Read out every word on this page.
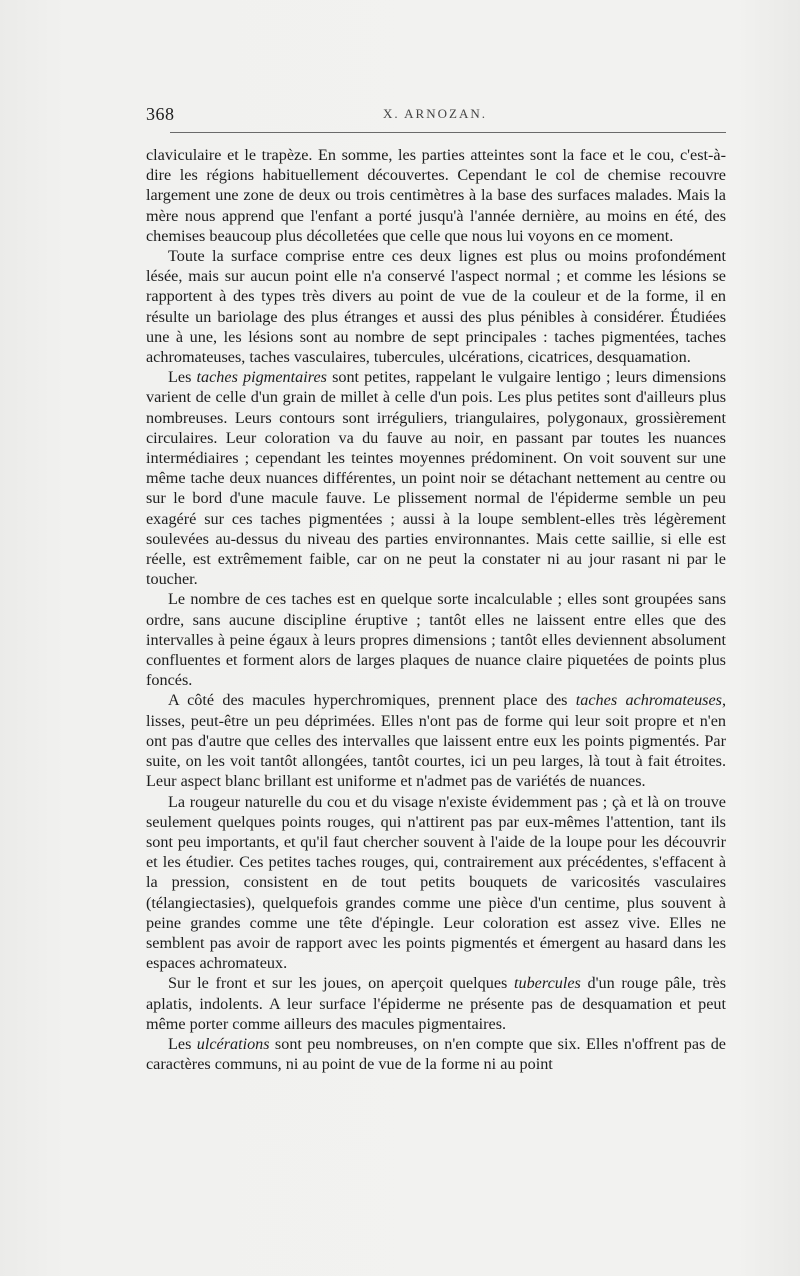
368	X. ARNOZAN.

claviculaire et le trapèze. En somme, les parties atteintes sont la face et le cou, c'est-à-dire les régions habituellement découvertes. Cependant le col de chemise recouvre largement une zone de deux ou trois centimètres à la base des surfaces malades. Mais la mère nous apprend que l'enfant a porté jusqu'à l'année dernière, au moins en été, des chemises beaucoup plus décolletées que celle que nous lui voyons en ce moment.

Toute la surface comprise entre ces deux lignes est plus ou moins profondément lésée, mais sur aucun point elle n'a conservé l'aspect normal ; et comme les lésions se rapportent à des types très divers au point de vue de la couleur et de la forme, il en résulte un bariolage des plus étranges et aussi des plus pénibles à considérer. Étudiées une à une, les lésions sont au nombre de sept principales : taches pigmentées, taches achromateuses, taches vasculaires, tubercules, ulcérations, cicatrices, desquamation.

Les taches pigmentaires sont petites, rappelant le vulgaire lentigo ; leurs dimensions varient de celle d'un grain de millet à celle d'un pois. Les plus petites sont d'ailleurs plus nombreuses. Leurs contours sont irréguliers, triangulaires, polygonaux, grossièrement circulaires. Leur coloration va du fauve au noir, en passant par toutes les nuances intermédiaires ; cependant les teintes moyennes prédominent. On voit souvent sur une même tache deux nuances différentes, un point noir se détachant nettement au centre ou sur le bord d'une macule fauve. Le plissement normal de l'épiderme semble un peu exagéré sur ces taches pigmentées ; aussi à la loupe semblent-elles très légèrement soulevées au-dessus du niveau des parties environnantes. Mais cette saillie, si elle est réelle, est extrêmement faible, car on ne peut la constater ni au jour rasant ni par le toucher.

Le nombre de ces taches est en quelque sorte incalculable ; elles sont groupées sans ordre, sans aucune discipline éruptive ; tantôt elles ne laissent entre elles que des intervalles à peine égaux à leurs propres dimensions ; tantôt elles deviennent absolument confluentes et forment alors de larges plaques de nuance claire piquetées de points plus foncés.

A côté des macules hyperchromiques, prennent place des taches achromateuses, lisses, peut-être un peu déprimées. Elles n'ont pas de forme qui leur soit propre et n'en ont pas d'autre que celles des intervalles que laissent entre eux les points pigmentés. Par suite, on les voit tantôt allongées, tantôt courtes, ici un peu larges, là tout à fait étroites. Leur aspect blanc brillant est uniforme et n'admet pas de variétés de nuances.

La rougeur naturelle du cou et du visage n'existe évidemment pas ; çà et là on trouve seulement quelques points rouges, qui n'attirent pas par eux-mêmes l'attention, tant ils sont peu importants, et qu'il faut chercher souvent à l'aide de la loupe pour les découvrir et les étudier. Ces petites taches rouges, qui, contrairement aux précédentes, s'effacent à la pression, consistent en de tout petits bouquets de varicosités vasculaires (télangiectasies), quelquefois grandes comme une pièce d'un centime, plus souvent à peine grandes comme une tête d'épingle. Leur coloration est assez vive. Elles ne semblent pas avoir de rapport avec les points pigmentés et émergent au hasard dans les espaces achromateux.

Sur le front et sur les joues, on aperçoit quelques tubercules d'un rouge pâle, très aplatis, indolents. A leur surface l'épiderme ne présente pas de desquamation et peut même porter comme ailleurs des macules pigmentaires.

Les ulcérations sont peu nombreuses, on n'en compte que six. Elles n'offrent pas de caractères communs, ni au point de vue de la forme ni au point
